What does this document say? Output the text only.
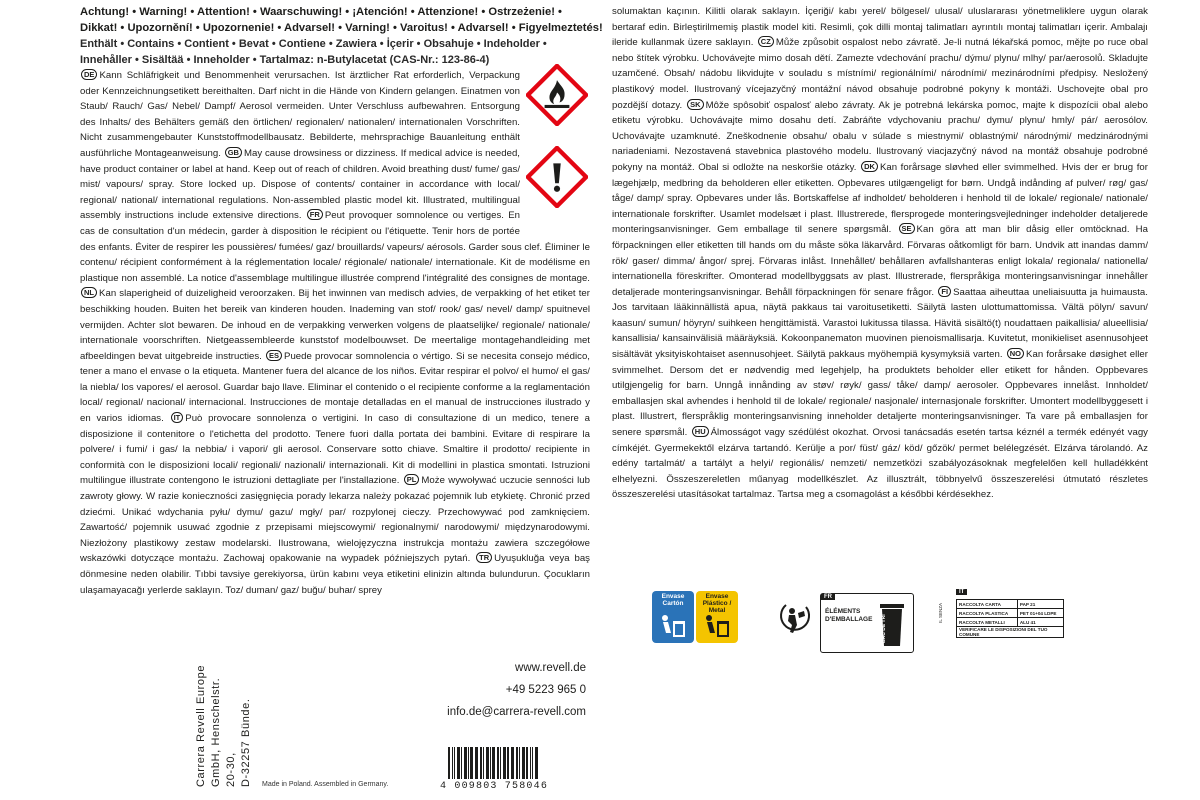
Achtung! • Warning! • Attention! • Waarschuwing! • ¡Atención! • Attenzione! • Ostrzeżenie! •

Dikkat! • Upozornění! • Upozornenie! • Advarsel! • Varning! • Varoitus! • Advarsel! • Figyelmeztetés!

Enthält • Contains • Contient • Bevat • Contiene • Zawiera • İçerir • Obsahuje • Indeholder •

Innehåller • Sisältää • Inneholder • Tartalmaz: n-Butylacetat (CAS-Nr.: 123-86-4)

DE Kann Schläfrigkeit und Benommenheit verursachen. Ist ärztlicher Rat erforderlich, Verpackung oder Kennzeichnungsetikett bereithalten. Darf nicht in die Hände von Kindern gelangen. Einatmen von Staub/ Rauch/ Gas/ Nebel/ Dampf/ Aerosol vermeiden. Unter Verschluss aufbewahren. Entsorgung des Inhalts/ des Behälters gemäß den örtlichen/ regionalen/ nationalen/ internationalen Vorschriften. Nicht zusammengebauter Kunststoffmodellbausatz. Bebilderte, mehrsprachige Bauanleitung enthält ausführliche Montageanweisung. GB May cause drowsiness or dizziness. If medical advice is needed, have product container or label at hand. Keep out of reach of children. Avoid breathing dust/ fume/ gas/ mist/ vapours/ spray. Store locked up. Dispose of contents/ container in accordance with local/ regional/ national/ international regulations. Non-assembled plastic model kit. Illustrated, multilingual assembly instructions include extensive directions. FR Peut provoquer somnolence ou vertiges. En cas de consultation d'un médecin, garder à disposition le récipient ou l'étiquette. Tenir hors de portée des enfants. Éviter de respirer les poussières/ fumées/ gaz/ brouillards/ vapeurs/ aérosols. Garder sous clef. Éliminer le contenu/ récipient conformément à la réglementation locale/ régionale/ nationale/ internationale. Kit de modélisme en plastique non assemblé. La notice d'assemblage multilingue illustrée comprend l'intégralité des consignes de montage. NL Kan slaperigheid of duizeligheid veroorzaken. Bij het inwinnen van medisch advies, de verpakking of het etiket ter beschikking houden. Buiten het bereik van kinderen houden. Inademing van stof/ rook/ gas/ nevel/ damp/ spuitnevel vermijden. Achter slot bewaren. De inhoud en de verpakking verwerken volgens de plaatselijke/ regionale/ nationale/ internationale voorschriften. Nietgeassembleerde kunststof modelbouwset. De meertalige montagehandleiding met afbeeldingen bevat uitgebreide instructies. ES Puede provocar somnolencia o vértigo. Si se necesita consejo médico, tener a mano el envase o la etiqueta. Mantener fuera del alcance de los niños. Evitar respirar el polvo/ el humo/ el gas/ la niebla/ los vapores/ el aerosol. Guardar bajo llave. Eliminar el contenido o el recipiente conforme a la reglamentación local/ regional/ nacional/ internacional. Instrucciones de montaje detalladas en el manual de instrucciones ilustrado y en varios idiomas. IT Può provocare sonnolenza o vertigini. In caso di consultazione di un medico, tenere a disposizione il contenitore o l'etichetta del prodotto. Tenere fuori dalla portata dei bambini. Evitare di respirare la polvere/ i fumi/ i gas/ la nebbia/ i vapori/ gli aerosol. Conservare sotto chiave. Smaltire il prodotto/ recipiente in conformità con le disposizioni locali/ regionali/ nazionali/ internazionali. Kit di modellini in plastica smontati. Istruzioni multilingue illustrate contengono le istruzioni dettagliate per l'installazione. PL Może wywoływać uczucie senności lub zawroty głowy. W razie konieczności zasięgnięcia porady lekarza należy pokazać pojemnik lub etykietę. Chronić przed dziećmi. Unikać wdychania pyłu/ dymu/ gazu/ mgły/ par/ rozpylonej cieczy. Przechowywać pod zamknięciem. Zawartość/ pojemnik usuwać zgodnie z przepisami miejscowymi/ regionalnymi/ narodowymi/ międzynarodowymi. Niezłożony plastikowy zestaw modelarski. Ilustrowana, wielojęzyczna instrukcja montażu zawiera szczegółowe wskazówki dotyczące montażu. Zachowaj opakowanie na wypadek późniejszych pytań. TR Uyuşukluğa veya baş dönmesine neden olabilir. Tıbbi tavsiye gerekiyorsa, ürün kabını veya etiketini elinizin altında bulundurun. Çocukların ulaşamayacağı yerlerde saklayın. Toz/ duman/ gaz/ buğu/ buhar/ sprey

solumaktan kaçının. Kilitli olarak saklayın. İçeriği/ kabı yerel/ bölgesel/ ulusal/ uluslararası yönetmeliklere uygun olarak bertaraf edin. Birleştirilmemiş plastik model kiti. Resimli, çok dilli montaj talimatları ayrıntılı montaj talimatları içerir. Ambalajı ileride kullanmak üzere saklayın. CZ Může způsobit ospalost nebo závratě. Je-li nutná lékařská pomoc, mějte po ruce obal nebo štítek výrobku. Uchovávejte mimo dosah dětí. Zamezte vdechování prachu/ dýmu/ plynu/ mlhy/ par/aerosolů. Skladujte uzamčené. Obsah/ nádobu likvidujte v souladu s místními/ regionálními/ národními/ mezinárodními předpisy. Nesložený plastikový model. Ilustrovaný vícejazyčný montážní návod obsahuje podrobné pokyny k montáži. Uschovejte obal pro pozdější dotazy. SK Môže spôsobiť ospalosť alebo závraty. Ak je potrebná lekárska pomoc, majte k dispozícii obal alebo etiketu výrobku. Uchovávajte mimo dosahu detí. Zabráňte vdychovaniu prachu/ dymu/ plynu/ hmly/ pár/ aerosólov. Uchovávajte uzamknuté. Zneškodnenie obsahu/ obalu v súlade s miestnymi/ oblastnými/ národnými/ medzinárodnými nariadeniami. Nezostavená stavebnica plastového modelu. Ilustrovaný viacjazyčný návod na montáž obsahuje podrobné pokyny na montáž. Obal si odložte na neskoršie otázky. DK Kan forårsage sløvhed eller svimmelhed. Hvis der er brug for lægehjælp, medbring da beholderen eller etiketten. Opbevares utilgængeligt for børn. Undgå indånding af pulver/ røg/ gas/ tåge/ damp/ spray. Opbevares under lås. Bortskaffelse af indholdet/ beholderen i henhold til de lokale/ regionale/ nationale/ internationale forskrifter. Usamlet modelsæt i plast. Illustrerede, flersprogede monteringsvejledninger indeholder detaljerede monteringsanvisninger. Gem emballage til senere spørgsmål. SE Kan göra att man blir dåsig eller omtöcknad. Ha förpackningen eller etiketten till hands om du måste söka läkarvård. Förvaras oåtkomligt för barn. Undvik att inandas damm/ rök/ gaser/ dimma/ ångor/ sprej. Förvaras inlåst. Innehållet/ behållaren avfallshanteras enligt lokala/ regionala/ nationella/ internationella föreskrifter. Omonterad modellbyggsats av plast. Illustrerade, flerspråkiga monteringsanvisningar innehåller detaljerade monteringsanvisningar. Behåll förpackningen för senare frågor. FI Saattaa aiheuttaa uneliaisuutta ja huimausta. Jos tarvitaan lääkinnällistä apua, näytä pakkaus tai varoitusetiketti. Säilytä lasten ulottumattomissa. Vältä pölyn/ savun/ kaasun/ sumun/ höyryn/ suihkeen hengittämistä. Varastoi lukitussa tilassa. Hävitä sisältö(t) noudattaen paikallisia/ alueellisia/ kansallisia/ kansainvälisiä määräyksiä. Kokoonpanematon muovinen pienoismallisarja. Kuvitetut, monikieliset asennusohjeet sisältävät yksityiskohtaiset asennusohjeet. Säilytä pakkaus myöhempiä kysymyksiä varten. NO Kan forårsake døsighet eller svimmelhet. Dersom det er nødvendig med legehjelp, ha produktets beholder eller etikett for hånden. Oppbevares utilgjengelig for barn. Unngå innånding av støv/ røyk/ gass/ tåke/ damp/ aerosoler. Oppbevares innelåst. Innholdet/ emballasjen skal avhendes i henhold til de lokale/ regionale/ nasjonale/ internasjonale forskrifter. Umontert modellbyggesett i plast. Illustrert, flerspråklig monteringsanvisning inneholder detaljerte monteringsanvisninger. Ta vare på emballasjen for senere spørsmål. HU Álmosságot vagy szédülést okozhat. Orvosi tanácsadás esetén tartsa kéznél a termék edényét vagy címkéjét. Gyermekektől elzárva tartandó. Kerülje a por/ füst/ gáz/ köd/ gőzök/ permet belélegzését. Elzárva tárolandó. Az edény tartalmát/ a tartályt a helyi/ regionális/ nemzeti/ nemzetközi szabályozásoknak megfelelően kell hulladékként elhelyezni. Összeszereletlen műanyag modellkészlet. Az illusztrált, többnyelvű összeszerelési útmutató részletes összeszerelési utasításokat tartalmaz. Tartsa meg a csomagolást a későbbi kérdésekhez.

Carrera Revell Europe GmbH, Henschelstr. 20-30, D-32257 Bünde.
www.revell.de
+49 5223 965 0
info.de@carrera-revell.com
4 009803 758046
Made in Poland. Assembled in Germany.
Envase Cartón
Envase Plástico / Metal
FR
ÉLÉMENTS D'EMBALLAGE BAC DE TRI
IT
IL SENZA	RACCOLTA CARTA	PAP 21
RACCOLTA PLASTICA	PET 01+04 LDPE
RACCOLTA METALLI	ALU 41
VERIFICARE LE DISPOSIZIONI DEL TUO COMUNE	
